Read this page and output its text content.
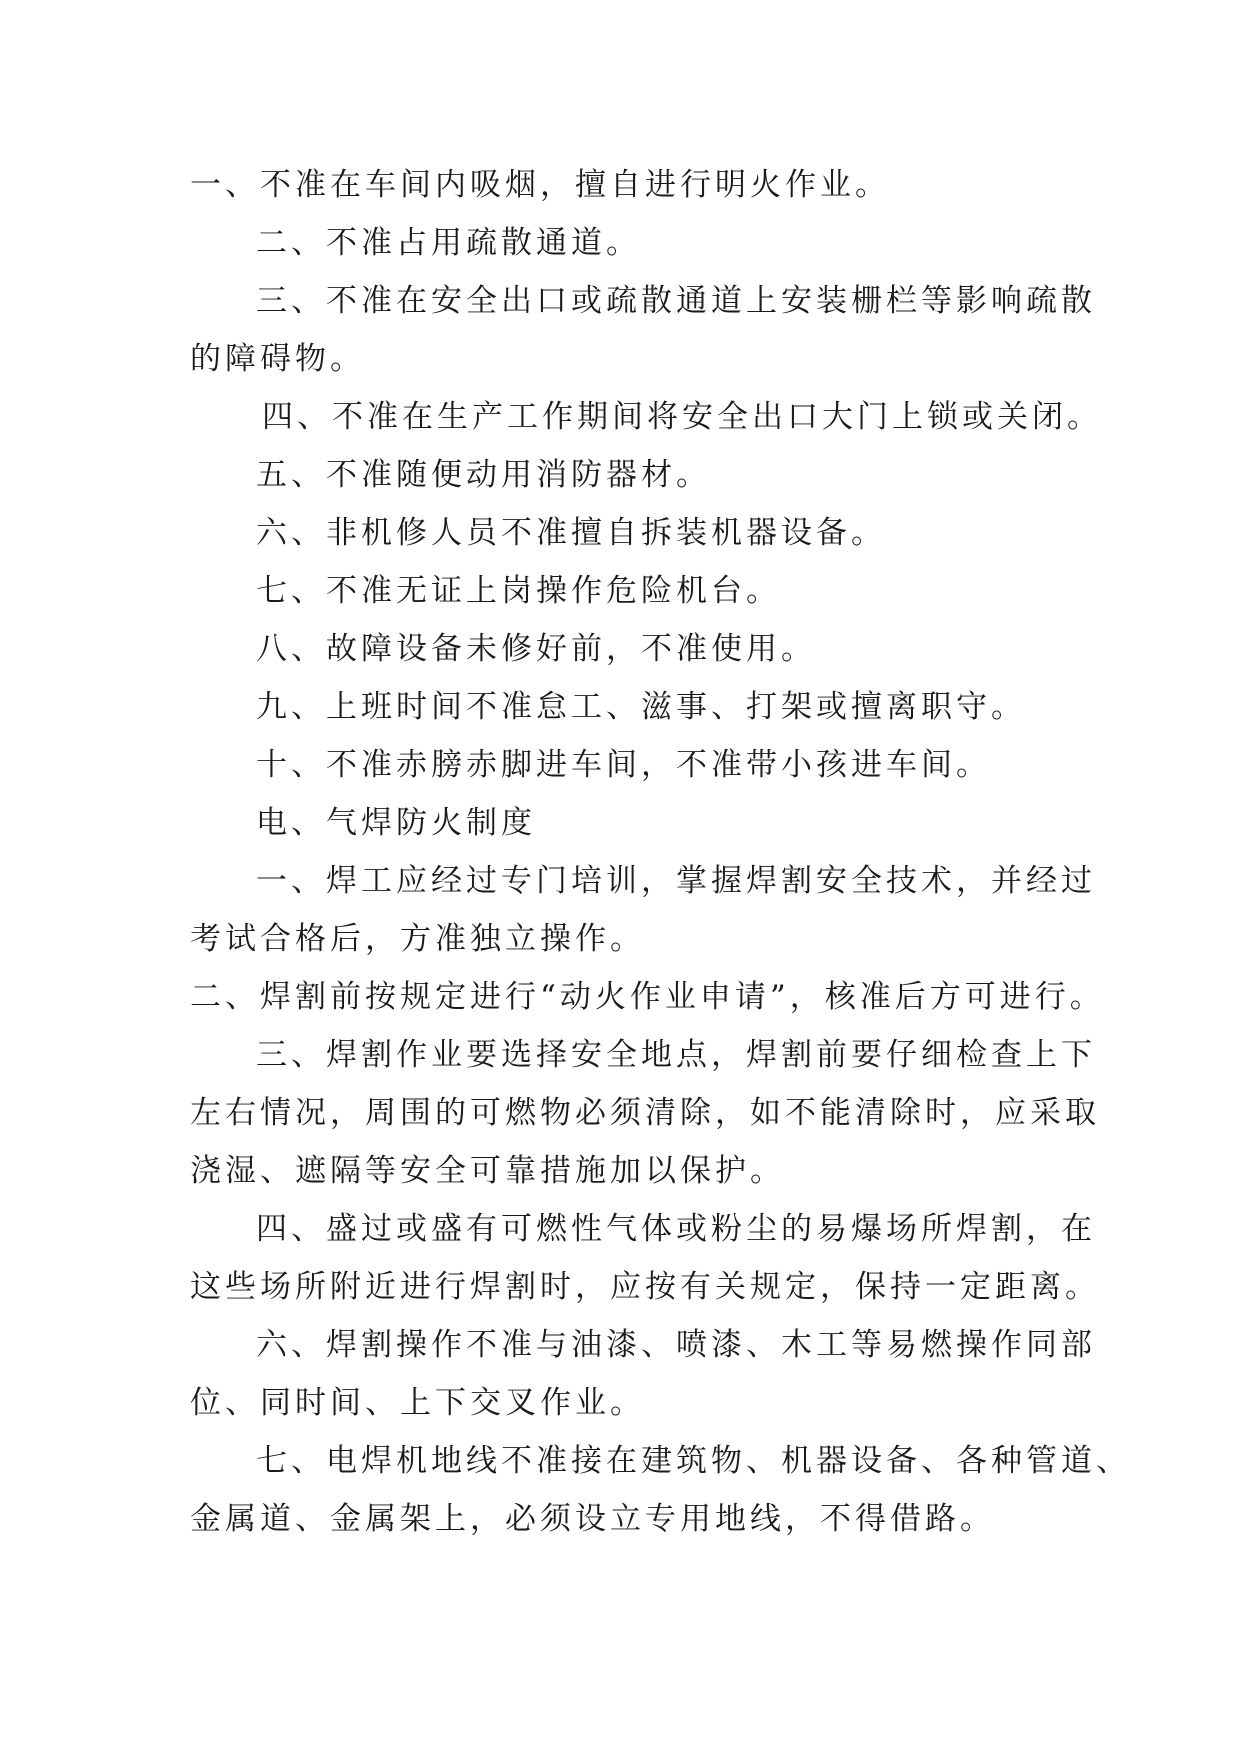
一、不准在车间内吸烟，擅自进行明火作业。
二、不准占用疏散通道。
三、不准在安全出口或疏散通道上安装栅栏等影响疏散
的障碍物。
四、不准在生产工作期间将安全出口大门上锁或关闭。
五、不准随便动用消防器材。
六、非机修人员不准擅自拆装机器设备。
七、不准无证上岗操作危险机台。
八、故障设备未修好前，不准使用。
九、上班时间不准怠工、滋事、打架或擅离职守。
十、不准赤膀赤脚进车间，不准带小孩进车间。
电、气焊防火制度
一、焊工应经过专门培训，掌握焊割安全技术，并经过
考试合格后，方准独立操作。
二、焊割前按规定进行“动火作业申请”，核准后方可进行。
三、焊割作业要选择安全地点，焊割前要仔细检查上下
左右情况，周围的可燃物必须清除，如不能清除时，应采取
浇湿、遮隔等安全可靠措施加以保护。
四、盛过或盛有可燃性气体或粉尘的易爆场所焊割，在
这些场所附近进行焊割时，应按有关规定，保持一定距离。
六、焊割操作不准与油漆、喷漆、木工等易燃操作同部
位、同时间、上下交叉作业。
七、电焊机地线不准接在建筑物、机器设备、各种管道、
金属道、金属架上，必须设立专用地线，不得借路。
